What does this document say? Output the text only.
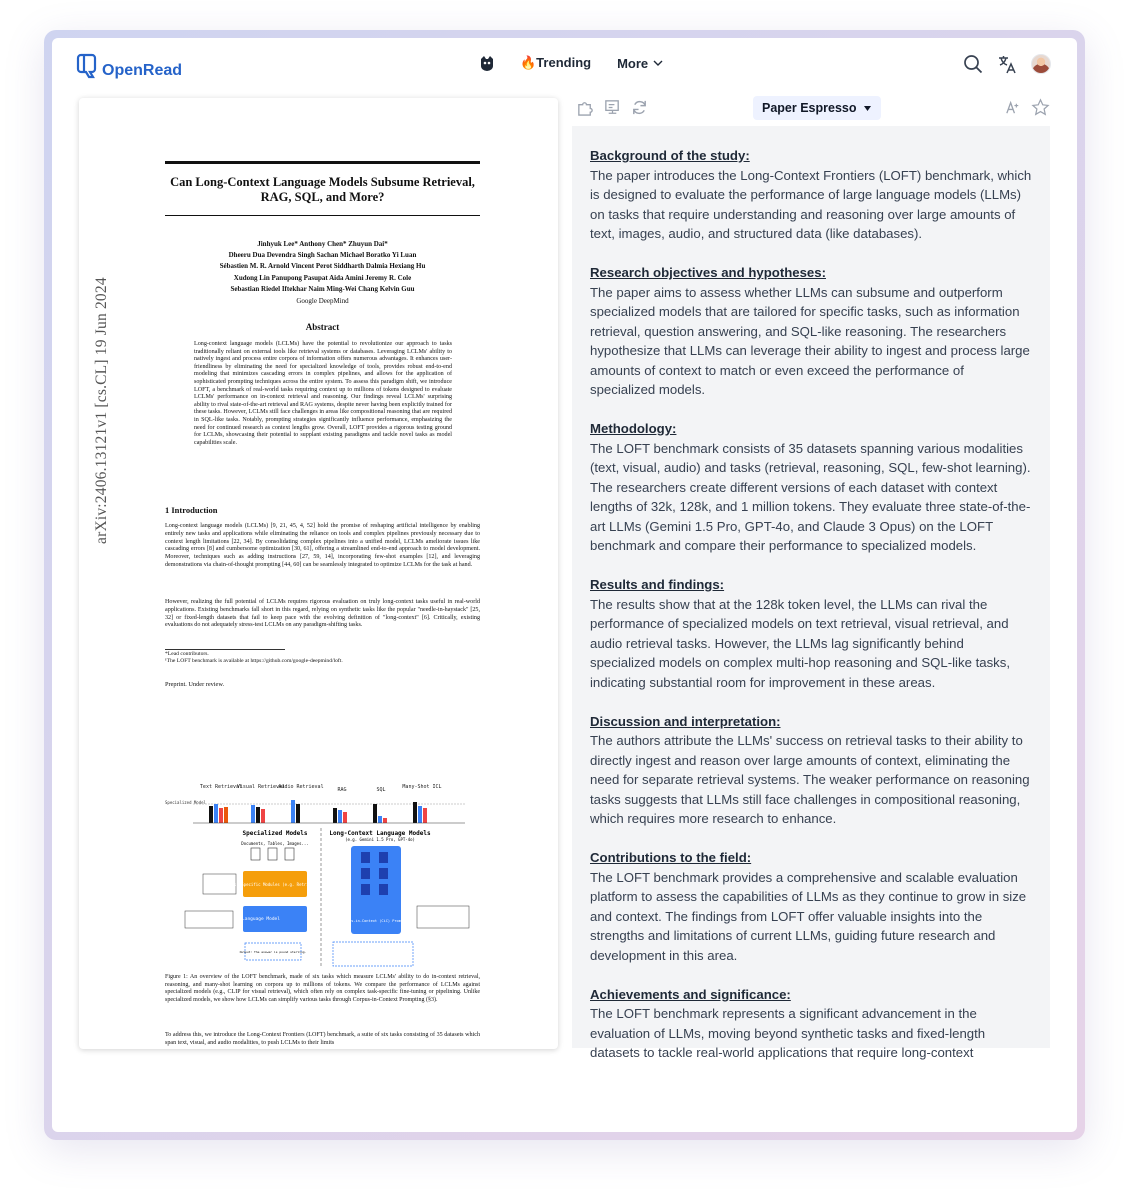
OpenRead	🔥Trending More
arXiv:2406.13121v1 [cs.CL] 19 Jun 2024
Can Long-Context Language Models Subsume Retrieval, RAG, SQL, and More?
Jinhyuk Lee* Anthony Chen* Zhuyun Dai*
Dheeru Dua Devendra Singh Sachan Michael Boratko Yi Luan
Sébastien M. R. Arnold Vincent Perot Siddharth Dalmia Hexiang Hu
Xudong Lin Panupong Pasupat Aida Amini Jeremy R. Cole
Sebastian Riedel Iftekhar Naim Ming-Wei Chang Kelvin Guu
Google DeepMind
Abstract
Long-context language models (LCLMs) have the potential to revolutionize our approach to tasks traditionally reliant on external tools like retrieval systems or databases. Leveraging LCLMs' ability to natively ingest and process entire corpora of information offers numerous advantages. It enhances user-friendliness by eliminating the need for specialized knowledge of tools, provides robust end-to-end modeling that minimizes cascading errors in complex pipelines, and allows for the application of sophisticated prompting techniques across the entire system. To assess this paradigm shift, we introduce LOFT, a benchmark of real-world tasks requiring context up to millions of tokens designed to evaluate LCLMs' performance on in-context retrieval and reasoning. Our findings reveal LCLMs' surprising ability to rival state-of-the-art retrieval and RAG systems, despite never having been explicitly trained for these tasks. However, LCLMs still face challenges in areas like compositional reasoning that are required in SQL-like tasks. Notably, prompting strategies significantly influence performance, emphasizing the need for continued research as context lengths grow. Overall, LOFT provides a rigorous testing ground for LCLMs, showcasing their potential to supplant existing paradigms and tackle novel tasks as model capabilities scale.
1 Introduction
Long-context language models (LCLMs) [9, 21, 45, 4, 52] hold the promise of reshaping artificial intelligence by enabling entirely new tasks and applications while eliminating the reliance on tools and complex pipelines previously necessary due to context length limitations [22, 34]. By consolidating complex pipelines into a unified model, LCLMs ameliorate issues like cascading errors [8] and cumbersome optimization [30, 61], offering a streamlined end-to-end approach to model development. Moreover, techniques such as adding instructions [27, 59, 14], incorporating few-shot examples [12], and leveraging demonstrations via chain-of-thought prompting [44, 60] can be seamlessly integrated to optimize LCLMs for the task at hand.
However, realizing the full potential of LCLMs requires rigorous evaluation on truly long-context tasks useful in real-world applications. Existing benchmarks fall short in this regard, relying on synthetic tasks like the popular "needle-in-haystack" [25, 32] or fixed-length datasets that fail to keep pace with the evolving definition of "long-context" [6]. Critically, existing evaluations do not adequately stress-test LCLMs on any paradigm-shifting tasks.
*Lead contributors.
¹The LOFT benchmark is available at https://github.com/google-deepmind/loft.
Preprint. Under review.
Text Retrieval
Visual Retrieval
Audio Retrieval	RAG	SQL	Many-Shot ICL
Specialized Model
Specialized Models	Long-Context Language Models
(e.g. Gemini 1.5 Pro, GPT-4o)
Documents, Tables, Images...
Task-Specific Modules (e.g. Retriever)
Language Model
Output: The answer is pound sterling.
Corpus-in-Context (CiC) Prompting
Figure 1: An overview of the LOFT benchmark, made of six tasks which measure LCLMs' ability to do in-context retrieval, reasoning, and many-shot learning on corpora up to millions of tokens. We compare the performance of LCLMs against specialized models (e.g., CLIP for visual retrieval), which often rely on complex task-specific fine-tuning or pipelining. Unlike specialized models, we show how LCLMs can simplify various tasks through Corpus-in-Context Prompting (§3).
To address this, we introduce the Long-Context Frontiers (LOFT) benchmark, a suite of six tasks consisting of 35 datasets which span text, visual, and audio modalities, to push LCLMs to their limits
Paper Espresso
Background of the study:
The paper introduces the Long-Context Frontiers (LOFT) benchmark, which is designed to evaluate the performance of large language models (LLMs) on tasks that require understanding and reasoning over large amounts of text, images, audio, and structured data (like databases).
Research objectives and hypotheses:
The paper aims to assess whether LLMs can subsume and outperform specialized models that are tailored for specific tasks, such as information retrieval, question answering, and SQL-like reasoning. The researchers hypothesize that LLMs can leverage their ability to ingest and process large amounts of context to match or even exceed the performance of specialized models.
Methodology:
The LOFT benchmark consists of 35 datasets spanning various modalities (text, visual, audio) and tasks (retrieval, reasoning, SQL, few-shot learning). The researchers create different versions of each dataset with context lengths of 32k, 128k, and 1 million tokens. They evaluate three state-of-the-art LLMs (Gemini 1.5 Pro, GPT-4o, and Claude 3 Opus) on the LOFT benchmark and compare their performance to specialized models.
Results and findings:
The results show that at the 128k token level, the LLMs can rival the performance of specialized models on text retrieval, visual retrieval, and audio retrieval tasks. However, the LLMs lag significantly behind specialized models on complex multi-hop reasoning and SQL-like tasks, indicating substantial room for improvement in these areas.
Discussion and interpretation:
The authors attribute the LLMs' success on retrieval tasks to their ability to directly ingest and reason over large amounts of context, eliminating the need for separate retrieval systems. The weaker performance on reasoning tasks suggests that LLMs still face challenges in compositional reasoning, which requires more research to enhance.
Contributions to the field:
The LOFT benchmark provides a comprehensive and scalable evaluation platform to assess the capabilities of LLMs as they continue to grow in size and context. The findings from LOFT offer valuable insights into the strengths and limitations of current LLMs, guiding future research and development in this area.
Achievements and significance:
The LOFT benchmark represents a significant advancement in the evaluation of LLMs, moving beyond synthetic tasks and fixed-length datasets to tackle real-world applications that require long-context
